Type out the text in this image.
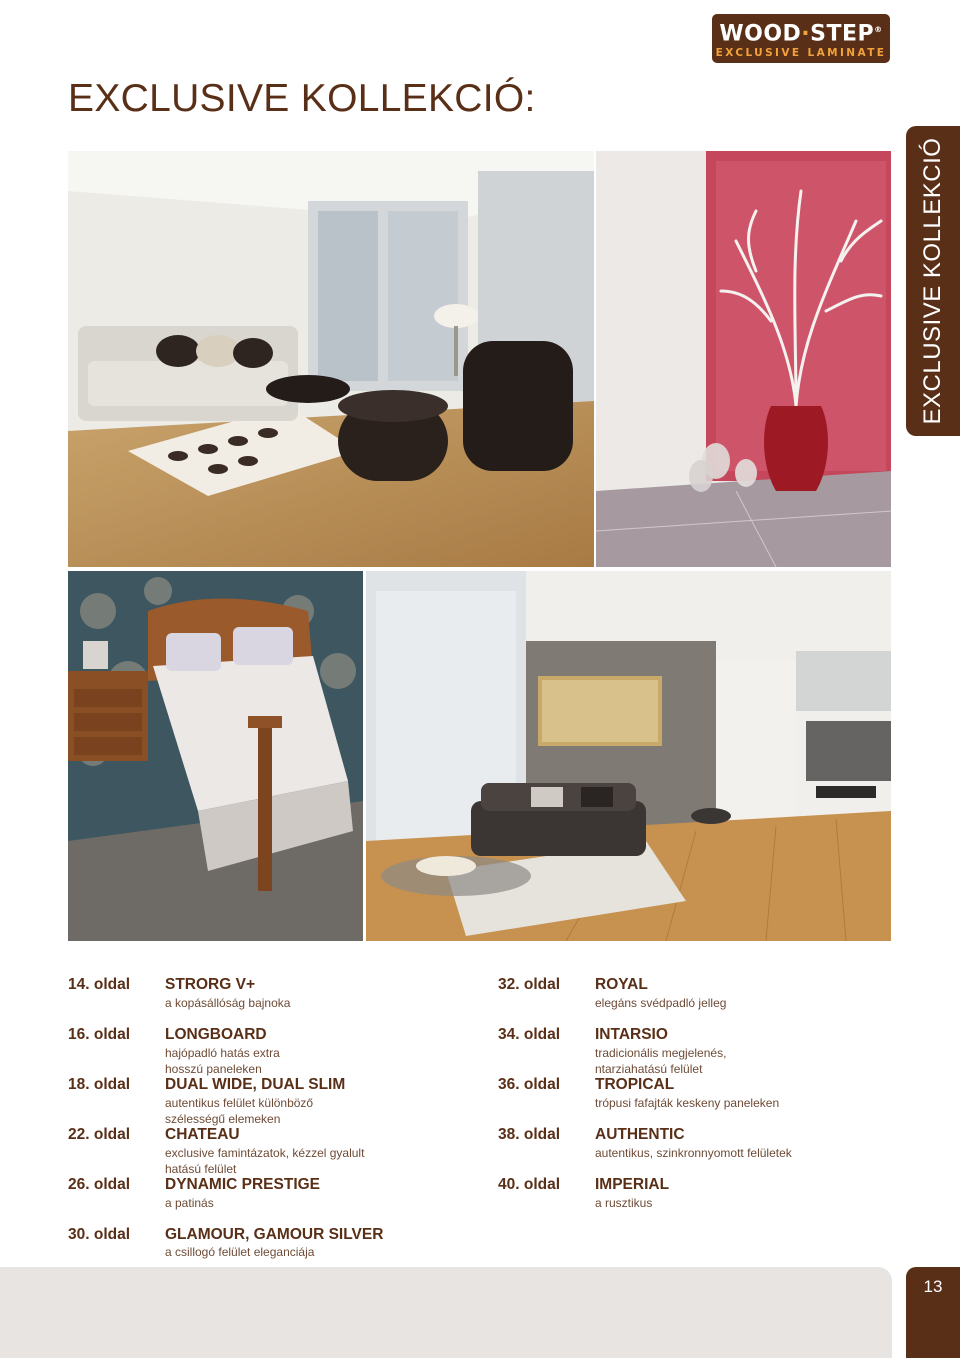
WOOD·STEP®
EXCLUSIVE LAMINATE
EXCLUSIVE KOLLEKCIÓ:
EXCLUSIVE KOLLEKCIÓ
14. oldal STRORG V+
a kopásállóság bajnoka
16. oldal LONGBOARD
hajópadló hatás extra hosszú paneleken
18. oldal DUAL WIDE, DUAL SLIM
autentikus felület különböző szélességű elemeken
22. oldal CHATEAU
exclusive famintázatok, kézzel gyalult hatású felület
26. oldal DYNAMIC PRESTIGE
a patinás
30. oldal GLAMOUR, GAMOUR SILVER
a csillogó felület eleganciája
32. oldal ROYAL
elegáns svédpadló jelleg
34. oldal INTARSIO
tradicionális megjelenés, ntarziahatású felület
36. oldal TROPICAL
trópusi fafajták keskeny paneleken
38. oldal AUTHENTIC
autentikus, szinkronnyomott felületek
40. oldal IMPERIAL
a rusztikus
13
